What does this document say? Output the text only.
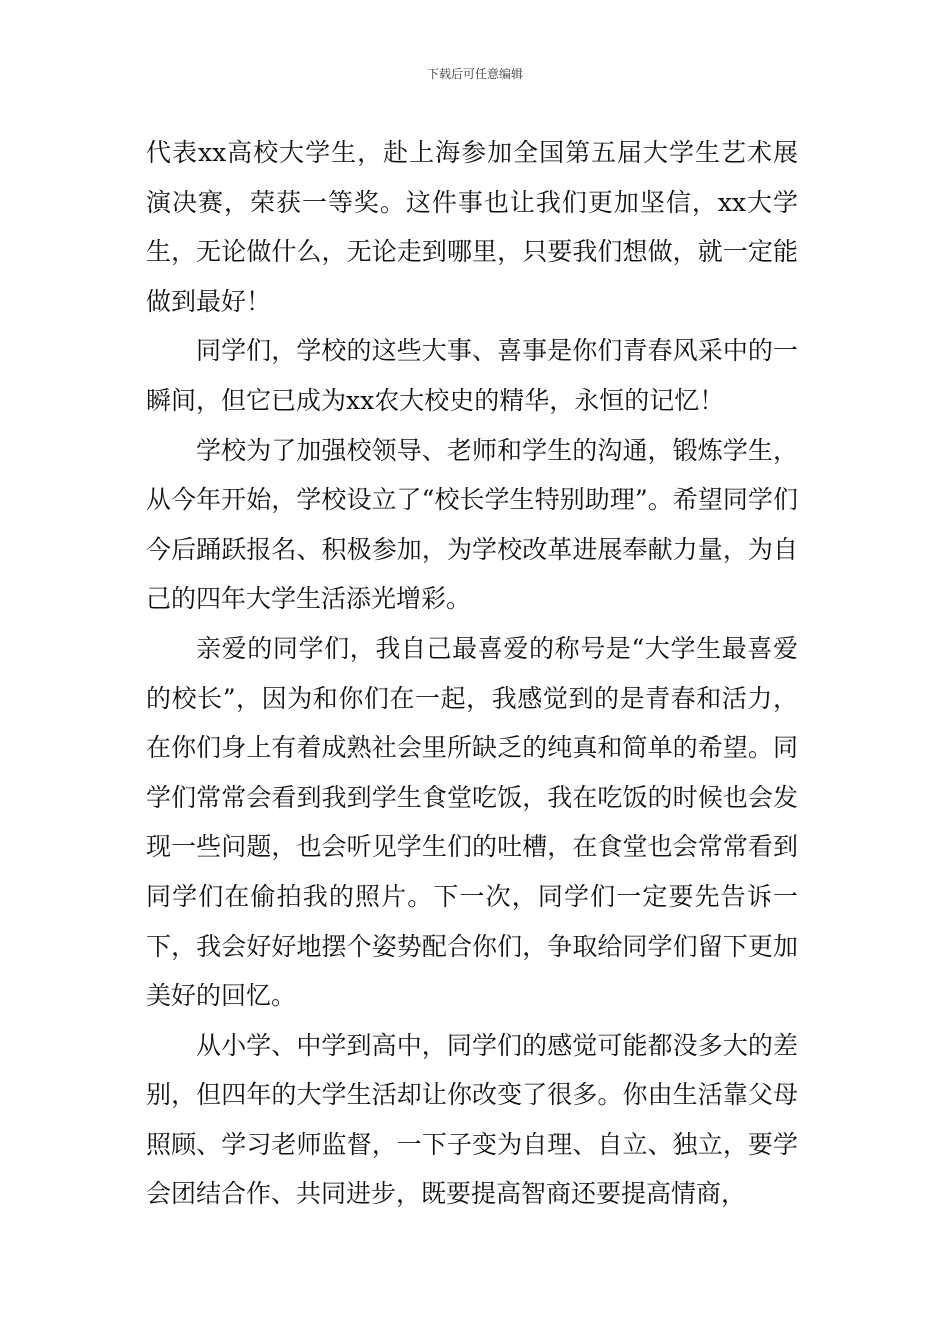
下载后可任意编辑

代表xx高校大学生，赴上海参加全国第五届大学生艺术展演决赛，荣获一等奖。这件事也让我们更加坚信，xx大学生，无论做什么，无论走到哪里，只要我们想做，就一定能做到最好！

同学们，学校的这些大事、喜事是你们青春风采中的一瞬间，但它已成为xx农大校史的精华，永恒的记忆！

学校为了加强校领导、老师和学生的沟通，锻炼学生，从今年开始，学校设立了“校长学生特别助理”。希望同学们今后踊跃报名、积极参加，为学校改革进展奉献力量，为自己的四年大学生活添光增彩。

亲爱的同学们，我自己最喜爱的称号是“大学生最喜爱的校长”，因为和你们在一起，我感觉到的是青春和活力，在你们身上有着成熟社会里所缺乏的纯真和简单的希望。同学们常常会看到我到学生食堂吃饭，我在吃饭的时候也会发现一些问题，也会听见学生们的吐槽，在食堂也会常常看到同学们在偷拍我的照片。下一次，同学们一定要先告诉一下，我会好好地摆个姿势配合你们，争取给同学们留下更加美好的回忆。

从小学、中学到高中，同学们的感觉可能都没多大的差别，但四年的大学生活却让你改变了很多。你由生活靠父母照顾、学习老师监督，一下子变为自理、自立、独立，要学会团结合作、共同进步，既要提高智商还要提高情商，
